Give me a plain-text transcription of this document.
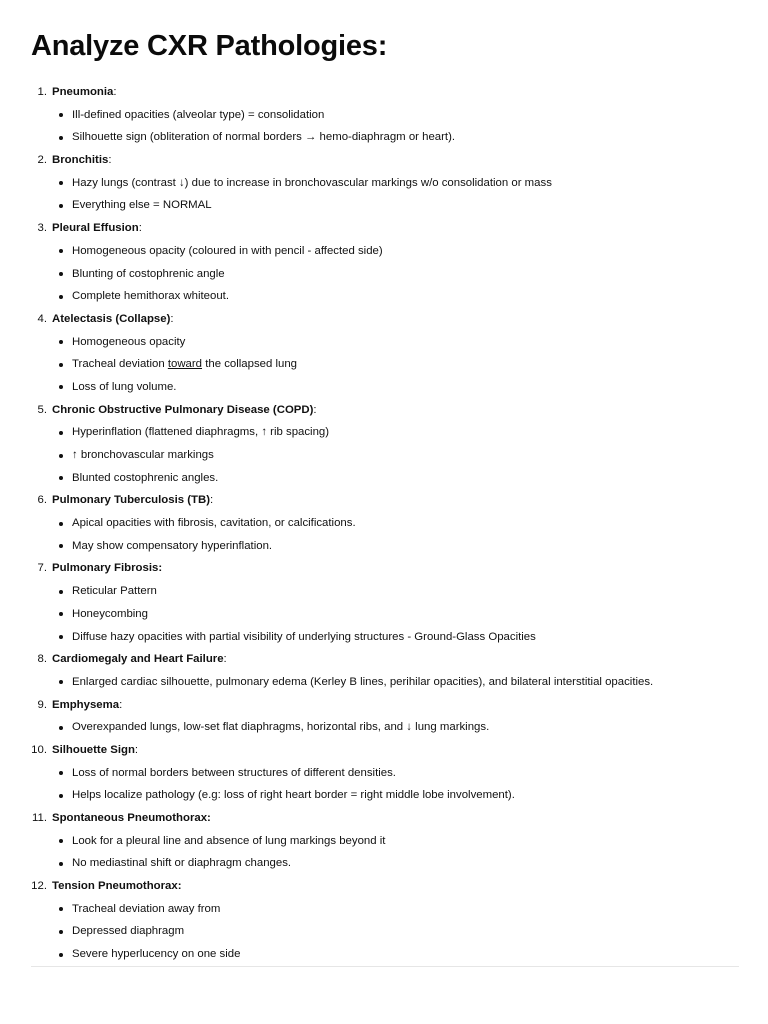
Analyze CXR Pathologies:
1. Pneumonia:
Ill-defined opacities (alveolar type) = consolidation
Silhouette sign (obliteration of normal borders → hemo-diaphragm or heart).
2. Bronchitis:
Hazy lungs (contrast ↓) due to increase in bronchovascular markings w/o consolidation or mass
Everything else = NORMAL
3. Pleural Effusion:
Homogeneous opacity (coloured in with pencil - affected side)
Blunting of costophrenic angle
Complete hemithorax whiteout.
4. Atelectasis (Collapse):
Homogeneous opacity
Tracheal deviation toward the collapsed lung
Loss of lung volume.
5. Chronic Obstructive Pulmonary Disease (COPD):
Hyperinflation (flattened diaphragms, ↑ rib spacing)
↑ bronchovascular markings
Blunted costophrenic angles.
6. Pulmonary Tuberculosis (TB):
Apical opacities with fibrosis, cavitation, or calcifications.
May show compensatory hyperinflation.
7. Pulmonary Fibrosis:
Reticular Pattern
Honeycombing
Diffuse hazy opacities with partial visibility of underlying structures - Ground-Glass Opacities
8. Cardiomegaly and Heart Failure:
Enlarged cardiac silhouette, pulmonary edema (Kerley B lines, perihilar opacities), and bilateral interstitial opacities.
9. Emphysema:
Overexpanded lungs, low-set flat diaphragms, horizontal ribs, and ↓ lung markings.
10. Silhouette Sign:
Loss of normal borders between structures of different densities.
Helps localize pathology (e.g: loss of right heart border = right middle lobe involvement).
11. Spontaneous Pneumothorax:
Look for a pleural line and absence of lung markings beyond it
No mediastinal shift or diaphragm changes.
12. Tension Pneumothorax:
Tracheal deviation away from
Depressed diaphragm
Severe hyperlucency on one side
